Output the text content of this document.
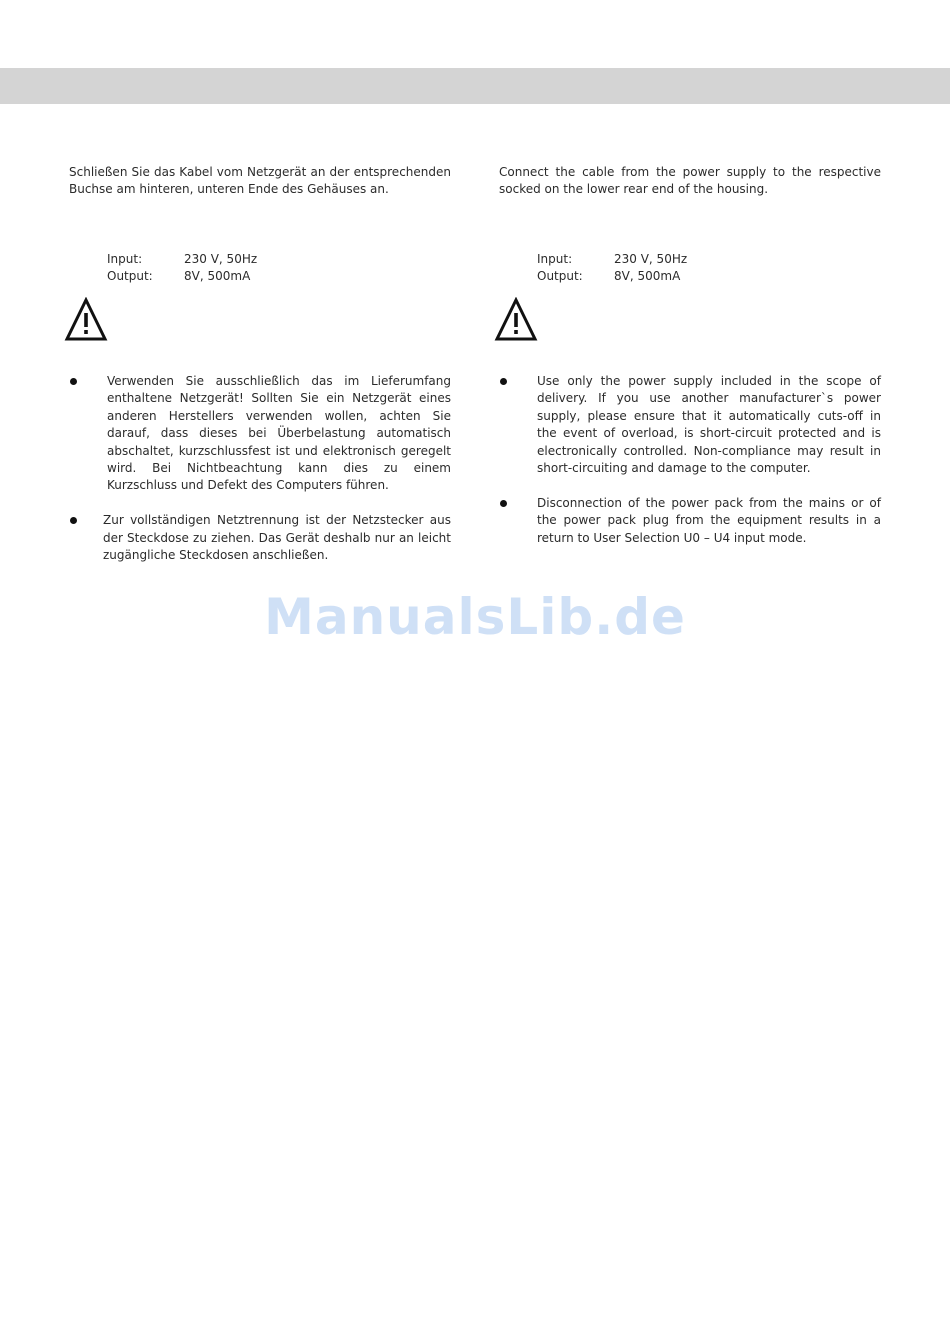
Schließen Sie das Kabel vom Netzgerät an der entsprechenden Buchse am hinteren, unteren Ende des Gehäuses an.

Input:	230 V, 50Hz
Output:	8V, 500mA
Verwenden Sie ausschließlich das im Lieferumfang enthaltene Netzgerät! Sollten Sie ein Netzgerät eines anderen Herstellers verwenden wollen, achten Sie darauf, dass dieses bei Überbelastung automatisch abschaltet, kurzschlussfest ist und elektronisch geregelt wird. Bei Nichtbeachtung kann dies zu einem Kurzschluss und Defekt des Computers führen.
Zur vollständigen Netztrennung ist der Netzstecker aus der Steckdose zu ziehen. Das Gerät deshalb nur an leicht zugängliche Steckdosen anschließen.

Connect the cable from the power supply to the respective socked on the lower rear end of the housing.

Input:	230 V, 50Hz
Output:	8V, 500mA
Use only the power supply included in the scope of delivery. If you use another manufacturer`s power supply, please ensure that it automatically cuts-off in the event of overload, is short-circuit protected and is electronically controlled. Non-compliance may result in short-circuiting and damage to the computer.
Disconnection of the power pack from the mains or of the power pack plug from the equipment results in a return to User Selection U0 – U4 input mode.
ManualsLib.de
